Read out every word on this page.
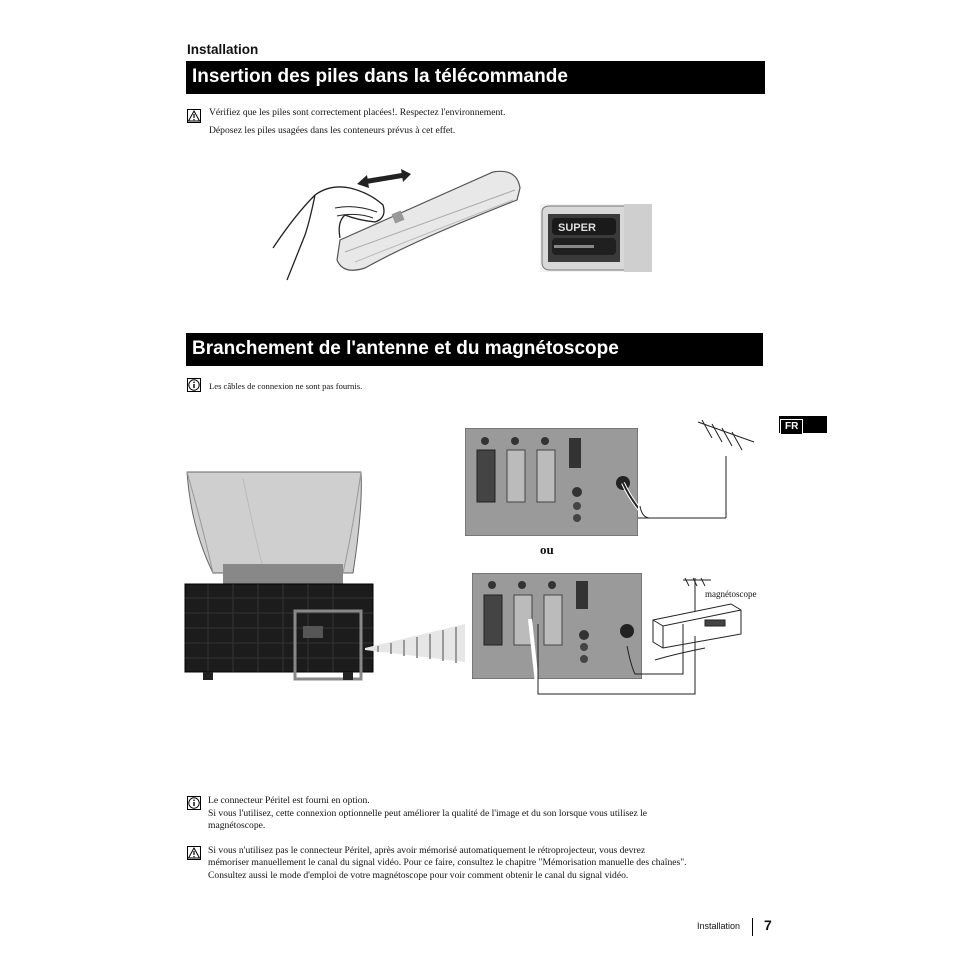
Installation
Insertion des piles dans la télécommande
Vérifiez que les piles sont correctement placées!. Respectez l'environnement.
Déposez les piles usagées dans les conteneurs prévus à cet effet.
SUPER
Branchement de l'antenne et du magnétoscope
Les câbles de connexion ne sont pas fournis.
FR
ou
magnétoscope
Le connecteur Péritel est fourni en option.
Si vous l'utilisez, cette connexion optionnelle peut améliorer la qualité de l'image et du son lorsque vous utilisez le
magnétoscope.
Si vous n'utilisez pas le connecteur Péritel, après avoir mémorisé automatiquement le rétroprojecteur, vous devrez
mémoriser manuellement le canal du signal vidéo. Pour ce faire, consultez le chapitre "Mémorisation manuelle des chaînes".
Consultez aussi le mode d'emploi de votre magnétoscope pour voir comment obtenir le canal du signal vidéo.
Installation 7
